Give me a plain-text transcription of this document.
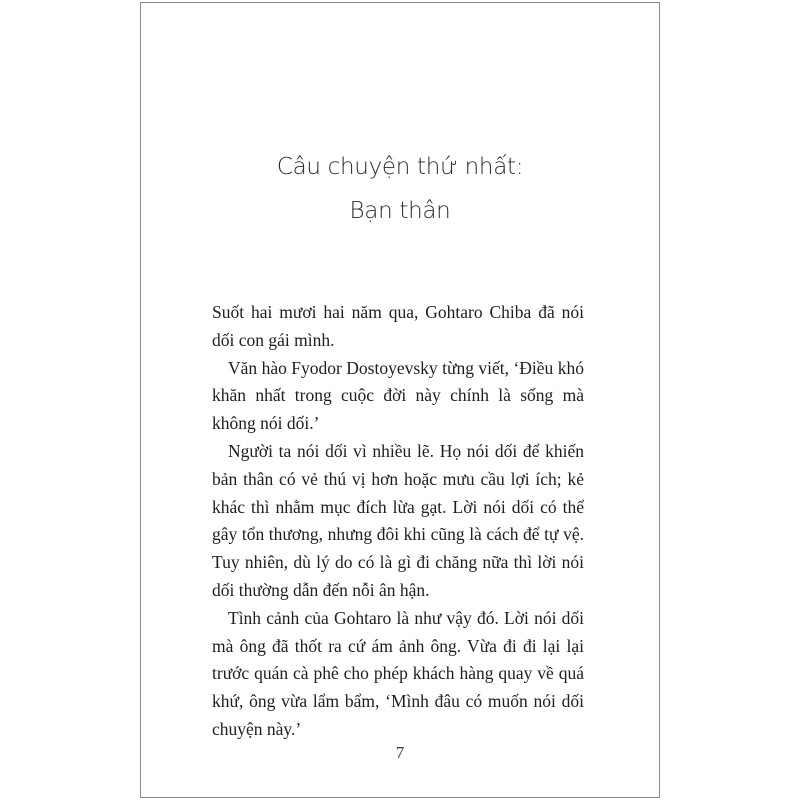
Câu chuyện thứ nhất:
Bạn thân

Suốt hai mươi hai năm qua, Gohtaro Chiba đã nói dối con gái mình.

Văn hào Fyodor Dostoyevsky từng viết, ‘Điều khó khăn nhất trong cuộc đời này chính là sống mà không nói dối.’

Người ta nói dối vì nhiều lẽ. Họ nói dối để khiến bản thân có vẻ thú vị hơn hoặc mưu cầu lợi ích; kẻ khác thì nhằm mục đích lừa gạt. Lời nói dối có thể gây tổn thương, nhưng đôi khi cũng là cách để tự vệ. Tuy nhiên, dù lý do có là gì đi chăng nữa thì lời nói dối thường dẫn đến nỗi ân hận.

Tình cảnh của Gohtaro là như vậy đó. Lời nói dối mà ông đã thốt ra cứ ám ảnh ông. Vừa đi đi lại lại trước quán cà phê cho phép khách hàng quay về quá khứ, ông vừa lẩm bẩm, ‘Mình đâu có muốn nói dối chuyện này.’

7
